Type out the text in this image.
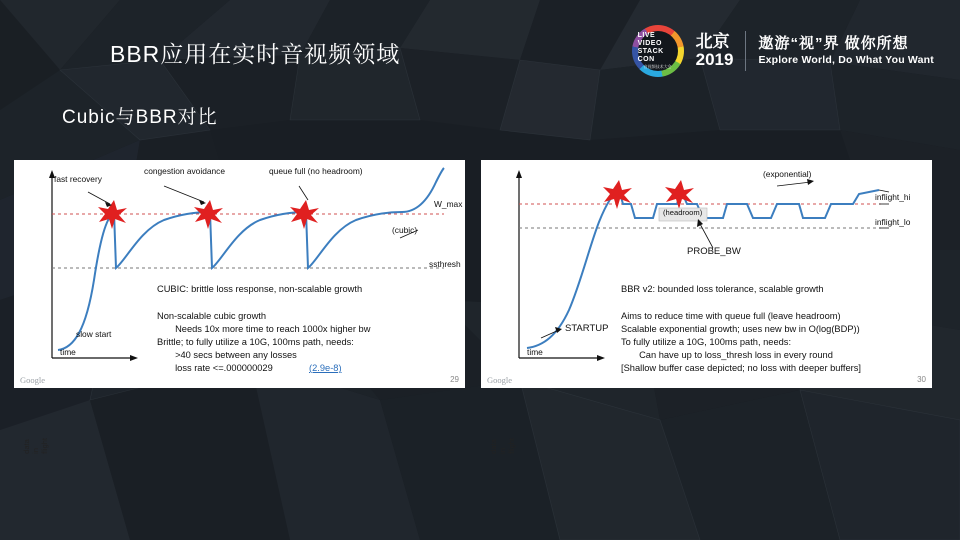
BBR应用在实时音视频领域
Cubic与BBR对比
LIVE VIDEO STACK CON
音视频技术大会
北京
2019
遨游“视”界 做你所想
Explore World, Do What You Want
data in flight
time
fast recovery
congestion avoidance	queue full (no headroom)
W_max
(cubic)
ssthresh
slow start
CUBIC: brittle loss response, non-scalable growth
Non-scalable cubic growth
Needs 10x more time to reach 1000x higher bw
Brittle; to fully utilize a 10G, 100ms path, needs:
>40 secs between any losses
loss rate <=.000000029	(2.9e-8)
Google	29
data in flight
time
(exponential)
inflight_hi
inflight_lo
(headroom)
PROBE_BW
STARTUP
BBR v2: bounded loss tolerance, scalable growth
Aims to reduce time with queue full (leave headroom)
Scalable exponential growth; uses new bw in O(log(BDP))
To fully utilize a 10G, 100ms path, needs:
Can have up to loss_thresh loss in every round
[Shallow buffer case depicted; no loss with deeper buffers]
Google	30
